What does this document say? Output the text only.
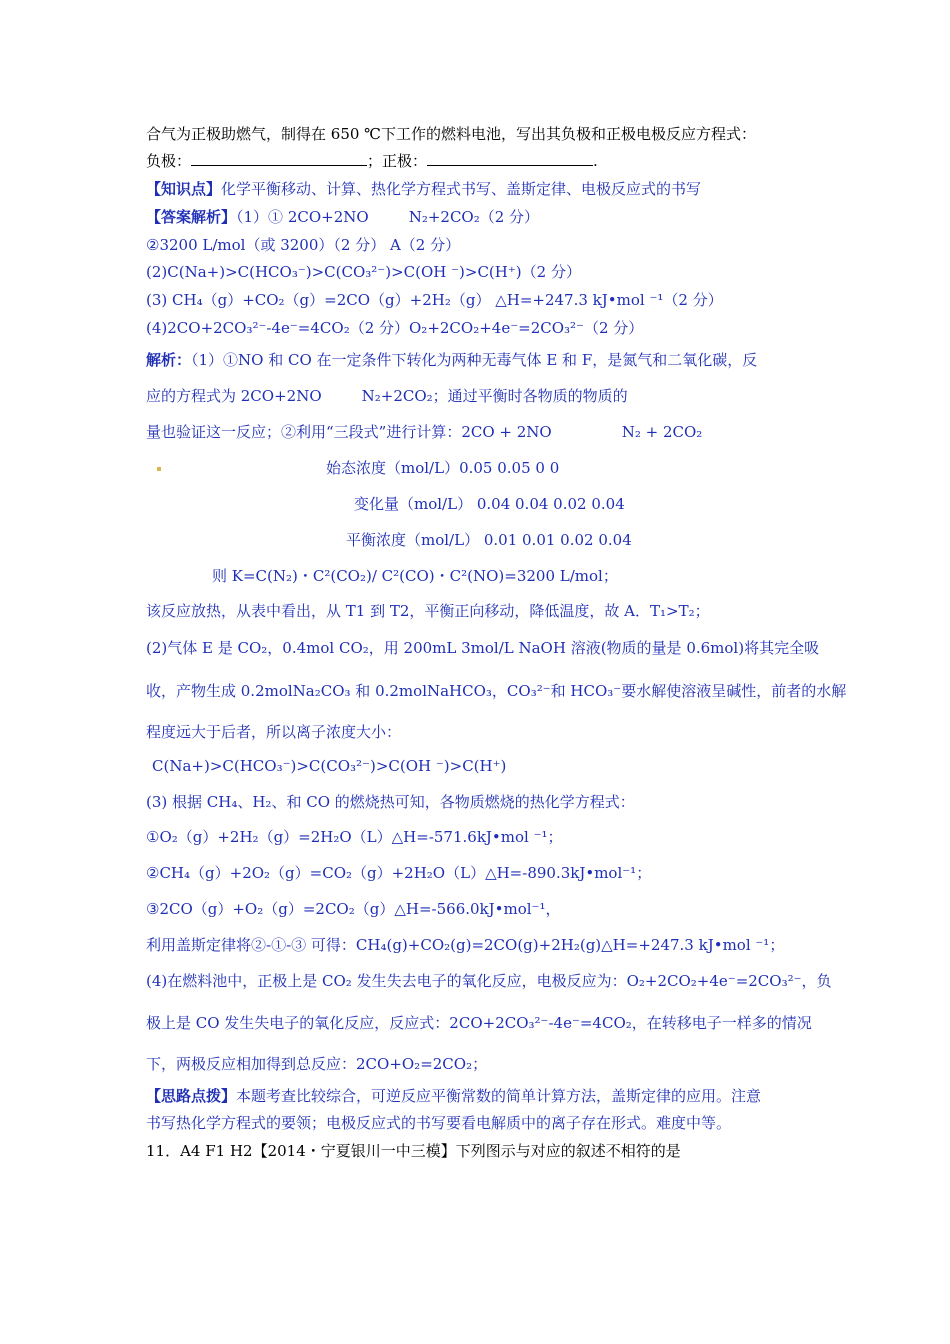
合气为正极助燃气，制得在 650 ℃下工作的燃料电池，写出其负极和正极电极反应方程式：
负极：	；正极：	.
【知识点】化学平衡移动、计算、热化学方程式书写、盖斯定律、电极反应式的书写
【答案解析】（1）① 2CO+2NO	N₂+2CO₂（2 分）
②3200 L/mol（或 3200）（2 分） A（2 分）
(2)C(Na+)>C(HCO₃⁻)>C(CO₃²⁻)>C(OH ⁻)>C(H⁺)（2 分）
(3) CH₄（g）+CO₂（g）=2CO（g）+2H₂（g） △H=+247.3 kJ•mol ⁻¹（2 分）
(4)2CO+2CO₃²⁻-4e⁻=4CO₂（2 分）O₂+2CO₂+4e⁻=2CO₃²⁻（2 分）
解析：（1）①NO 和 CO 在一定条件下转化为两种无毒气体 E 和 F，是氮气和二氧化碳，反
应的方程式为 2CO+2NO	N₂+2CO₂；通过平衡时各物质的物质的
量也验证这一反应；②利用“三段式”进行计算：2CO + 2NO	N₂ + 2CO₂
始态浓度（mol/L）0.05 0.05 0 0
变化量（mol/L） 0.04 0.04 0.02 0.04
平衡浓度（mol/L） 0.01 0.01 0.02 0.04
则 K=C(N₂)・C²(CO₂)/ C²(CO)・C²(NO)=3200 L/mol；
该反应放热，从表中看出，从 T1 到 T2，平衡正向移动，降低温度，故 A．T₁>T₂；
(2)气体 E 是 CO₂，0.4mol CO₂，用 200mL 3mol/L NaOH 溶液(物质的量是 0.6mol)将其完全吸
收，产物生成 0.2molNa₂CO₃ 和 0.2molNaHCO₃，CO₃²⁻和 HCO₃⁻要水解使溶液呈碱性，前者的水解
程度远大于后者，所以离子浓度大小：
C(Na+)>C(HCO₃⁻)>C(CO₃²⁻)>C(OH ⁻)>C(H⁺)
(3) 根据 CH₄、H₂、和 CO 的燃烧热可知，各物质燃烧的热化学方程式：
①O₂（g）+2H₂（g）=2H₂O（L）△H=-571.6kJ•mol ⁻¹；
②CH₄（g）+2O₂（g）=CO₂（g）+2H₂O（L）△H=-890.3kJ•mol⁻¹；
③2CO（g）+O₂（g）=2CO₂（g）△H=-566.0kJ•mol⁻¹，
利用盖斯定律将②-①-③ 可得：CH₄(g)+CO₂(g)=2CO(g)+2H₂(g)△H=+247.3 kJ•mol ⁻¹；
(4)在燃料池中，正极上是 CO₂ 发生失去电子的氧化反应，电极反应为：O₂+2CO₂+4e⁻=2CO₃²⁻，负
极上是 CO 发生失电子的氧化反应，反应式：2CO+2CO₃²⁻-4e⁻=4CO₂，在转移电子一样多的情况
下，两极反应相加得到总反应：2CO+O₂=2CO₂；
【思路点拨】本题考查比较综合，可逆反应平衡常数的简单计算方法，盖斯定律的应用。注意
书写热化学方程式的要领；电极反应式的书写要看电解质中的离子存在形式。难度中等。
11．A4 F1 H2【2014・宁夏银川一中三模】下列图示与对应的叙述不相符的是
